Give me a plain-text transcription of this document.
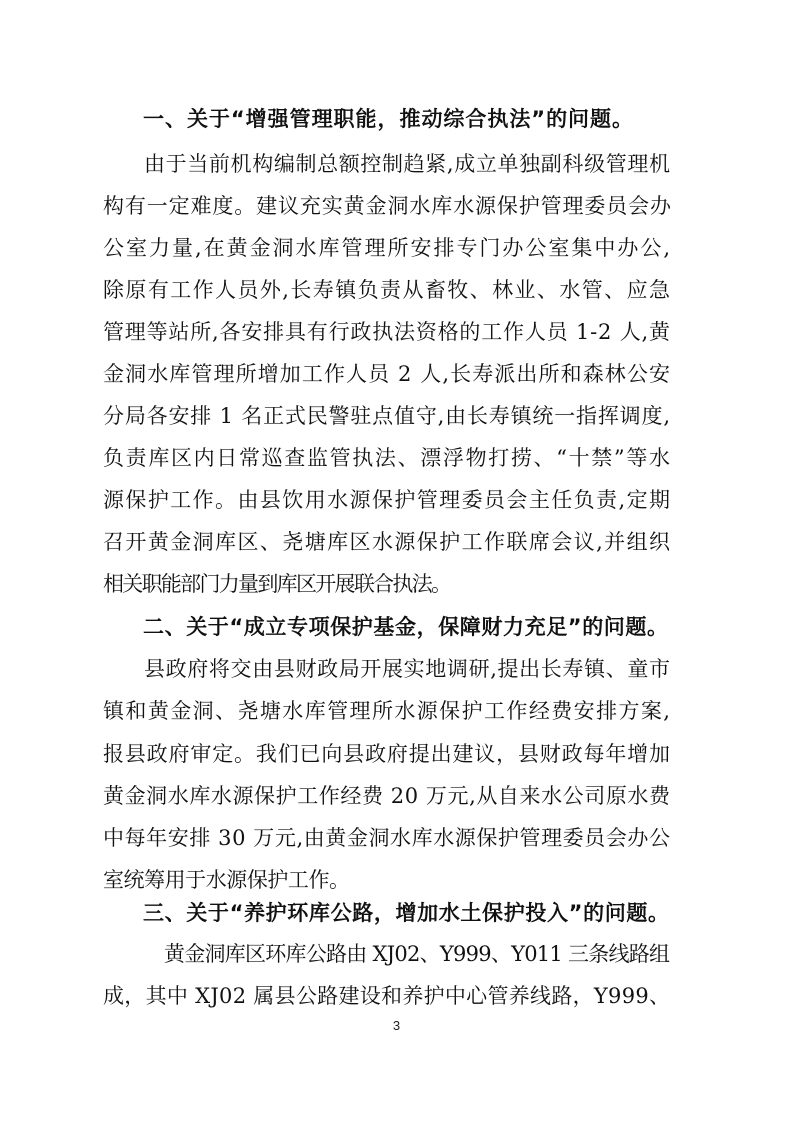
一、关于“增强管理职能，推动综合执法”的问题。
由于当前机构编制总额控制趋紧,成立单独副科级管理机
构有一定难度。建议充实黄金洞水库水源保护管理委员会办
公室力量,在黄金洞水库管理所安排专门办公室集中办公,
除原有工作人员外,长寿镇负责从畜牧、林业、水管、应急
管理等站所,各安排具有行政执法资格的工作人员 1-2 人,黄
金洞水库管理所增加工作人员 2 人,长寿派出所和森林公安
分局各安排 1 名正式民警驻点值守,由长寿镇统一指挥调度,
负责库区内日常巡查监管执法、漂浮物打捞、“十禁”等水
源保护工作。由县饮用水源保护管理委员会主任负责,定期
召开黄金洞库区、尧塘库区水源保护工作联席会议,并组织
相关职能部门力量到库区开展联合执法。
二、关于“成立专项保护基金，保障财力充足”的问题。
县政府将交由县财政局开展实地调研,提出长寿镇、童市
镇和黄金洞、尧塘水库管理所水源保护工作经费安排方案,
报县政府审定。我们已向县政府提出建议，县财政每年增加
黄金洞水库水源保护工作经费 20 万元,从自来水公司原水费
中每年安排 30 万元,由黄金洞水库水源保护管理委员会办公
室统筹用于水源保护工作。
三、关于“养护环库公路，增加水土保护投入”的问题。
黄金洞库区环库公路由 XJ02、Y999、Y011 三条线路组
成，其中 XJ02 属县公路建设和养护中心管养线路，Y999、
3
